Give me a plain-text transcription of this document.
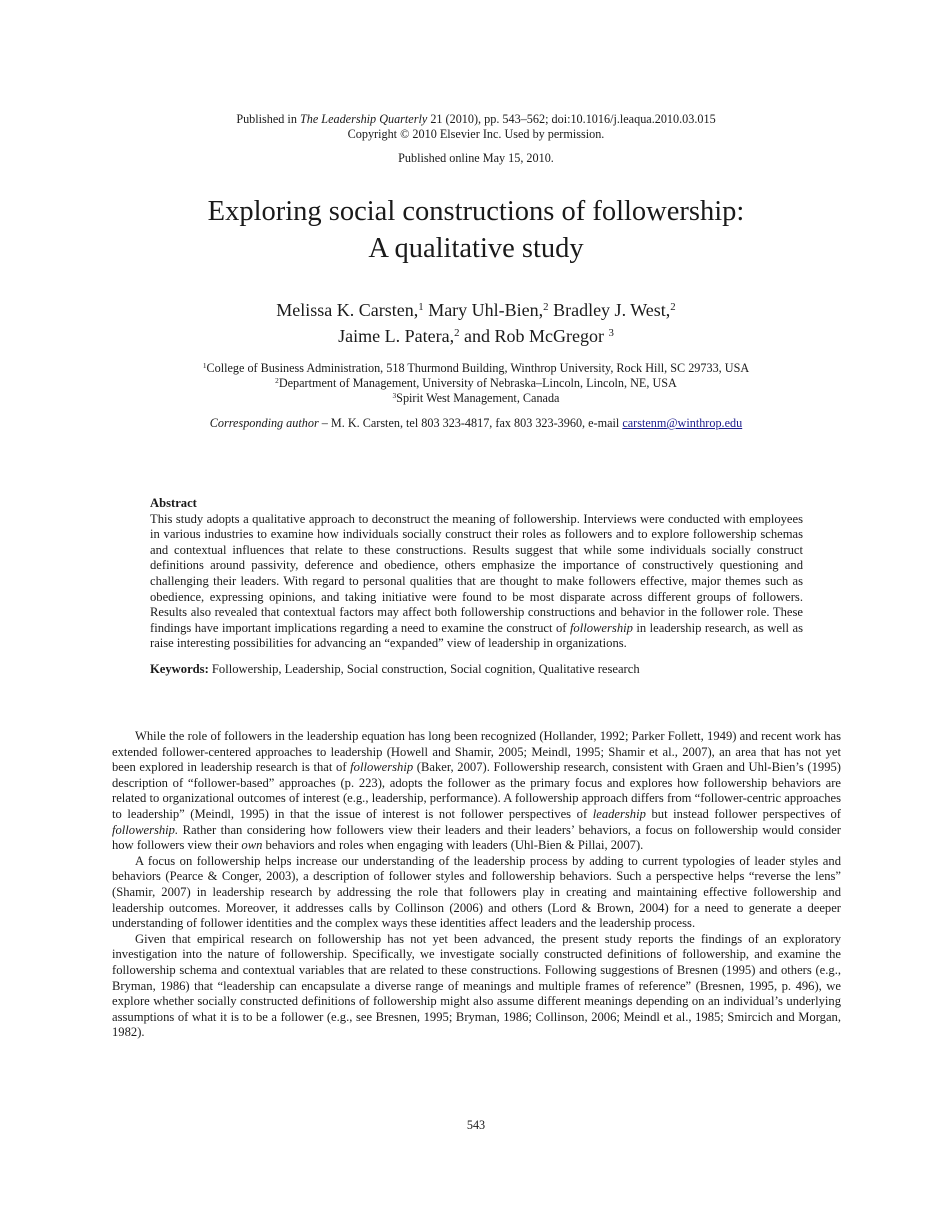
Published in The Leadership Quarterly 21 (2010), pp. 543–562; doi:10.1016/j.leaqua.2010.03.015
Copyright © 2010 Elsevier Inc. Used by permission.
Published online May 15, 2010.
Exploring social constructions of followership:
A qualitative study
Melissa K. Carsten,$^1$ Mary Uhl-Bien,$^2$ Bradley J. West,$^2$
Jaime L. Patera,$^2$ and Rob McGregor $^3$
$^1$College of Business Administration, 518 Thurmond Building, Winthrop University, Rock Hill, SC 29733, USA
$^2$Department of Management, University of Nebraska–Lincoln, Lincoln, NE, USA
$^3$Spirit West Management, Canada
Corresponding author – M. K. Carsten, tel 803 323-4817, fax 803 323-3960, e-mail carstenm@winthrop.edu
Abstract
This study adopts a qualitative approach to deconstruct the meaning of followership. Interviews were conducted with employees in various industries to examine how individuals socially construct their roles as followers and to explore followership schemas and contextual influences that relate to these constructions. Results suggest that while some individuals socially construct definitions around passivity, deference and obedience, others emphasize the importance of constructively questioning and challenging their leaders. With regard to personal qualities that are thought to make followers effective, major themes such as obedience, expressing opinions, and taking initiative were found to be most disparate across different groups of followers. Results also revealed that contextual factors may affect both followership constructions and behavior in the follower role. These findings have important implications regarding a need to examine the construct of followership in leadership research, as well as raise interesting possibilities for advancing an “expanded” view of leadership in organizations.
Keywords: Followership, Leadership, Social construction, Social cognition, Qualitative research

While the role of followers in the leadership equation has long been recognized (Hollander, 1992; Parker Follett, 1949) and recent work has extended follower-centered approaches to leadership (Howell and Shamir, 2005; Meindl, 1995; Shamir et al., 2007), an area that has not yet been explored in leadership research is that of followership (Baker, 2007). Followership research, consistent with Graen and Uhl-Bien’s (1995) description of “follower-based” approaches (p. 223), adopts the follower as the primary focus and explores how followership behaviors are related to organizational outcomes of interest (e.g., leadership, performance). A followership approach differs from “follower-centric approaches to leadership” (Meindl, 1995) in that the issue of interest is not follower perspectives of leadership but instead follower perspectives of followership. Rather than considering how followers view their leaders and their leaders’ behaviors, a focus on followership would consider how followers view their own behaviors and roles when engaging with leaders (Uhl-Bien & Pillai, 2007).

A focus on followership helps increase our understanding of the leadership process by adding to current typologies of leader styles and behaviors (Pearce & Conger, 2003), a description of follower styles and followership behaviors. Such a perspective helps “reverse the lens” (Shamir, 2007) in leadership research by addressing the role that followers play in creating and maintaining effective followership and leadership outcomes. Moreover, it addresses calls by Collinson (2006) and others (Lord & Brown, 2004) for a need to generate a deeper understanding of follower identities and the complex ways these identities affect leaders and the leadership process.

Given that empirical research on followership has not yet been advanced, the present study reports the findings of an exploratory investigation into the nature of followership. Specifically, we investigate socially constructed definitions of followership, and examine the followership schema and contextual variables that are related to these constructions. Following suggestions of Bresnen (1995) and others (e.g., Bryman, 1986) that “leadership can encapsulate a diverse range of meanings and multiple frames of reference” (Bresnen, 1995, p. 496), we explore whether socially constructed definitions of followership might also assume different meanings depending on an individual’s underlying assumptions of what it is to be a follower (e.g., see Bresnen, 1995; Bryman, 1986; Collinson, 2006; Meindl et al., 1985; Smircich and Morgan, 1982).

543
